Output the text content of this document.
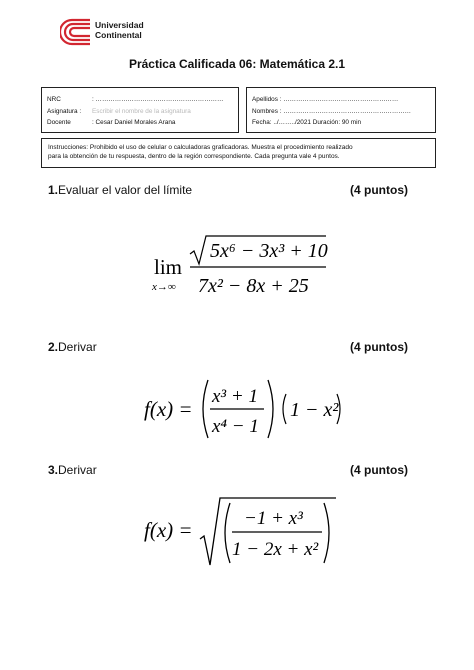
Universidad
Continental
Práctica Calificada 06: Matemática 2.1
NRC	: ……………………………………………………
Asignatura : Escribir el nombre de la asignatura
Docente	: Cesar Daniel Morales Arana
Apellidos : ………………………………………………
Nombres : ……………………………………………………
Fecha: ../……../2021 Duración: 90 min
Instrucciones: Prohibido el uso de celular o calculadoras graficadoras. Muestra el procedimiento realizado
para la obtención de tu respuesta, dentro de la región correspondiente. Cada pregunta vale 4 puntos.
1.Evaluar el valor del límite	(4 puntos)
lim
x→∞
5x⁶ − 3x³ + 10
7x² − 8x + 25
2.Derivar	(4 puntos)
f(x) =
x³ + 1
x⁴ − 1
1 − x²
3.Derivar	(4 puntos)
f(x) =	−1 + x³
1 − 2x + x²
